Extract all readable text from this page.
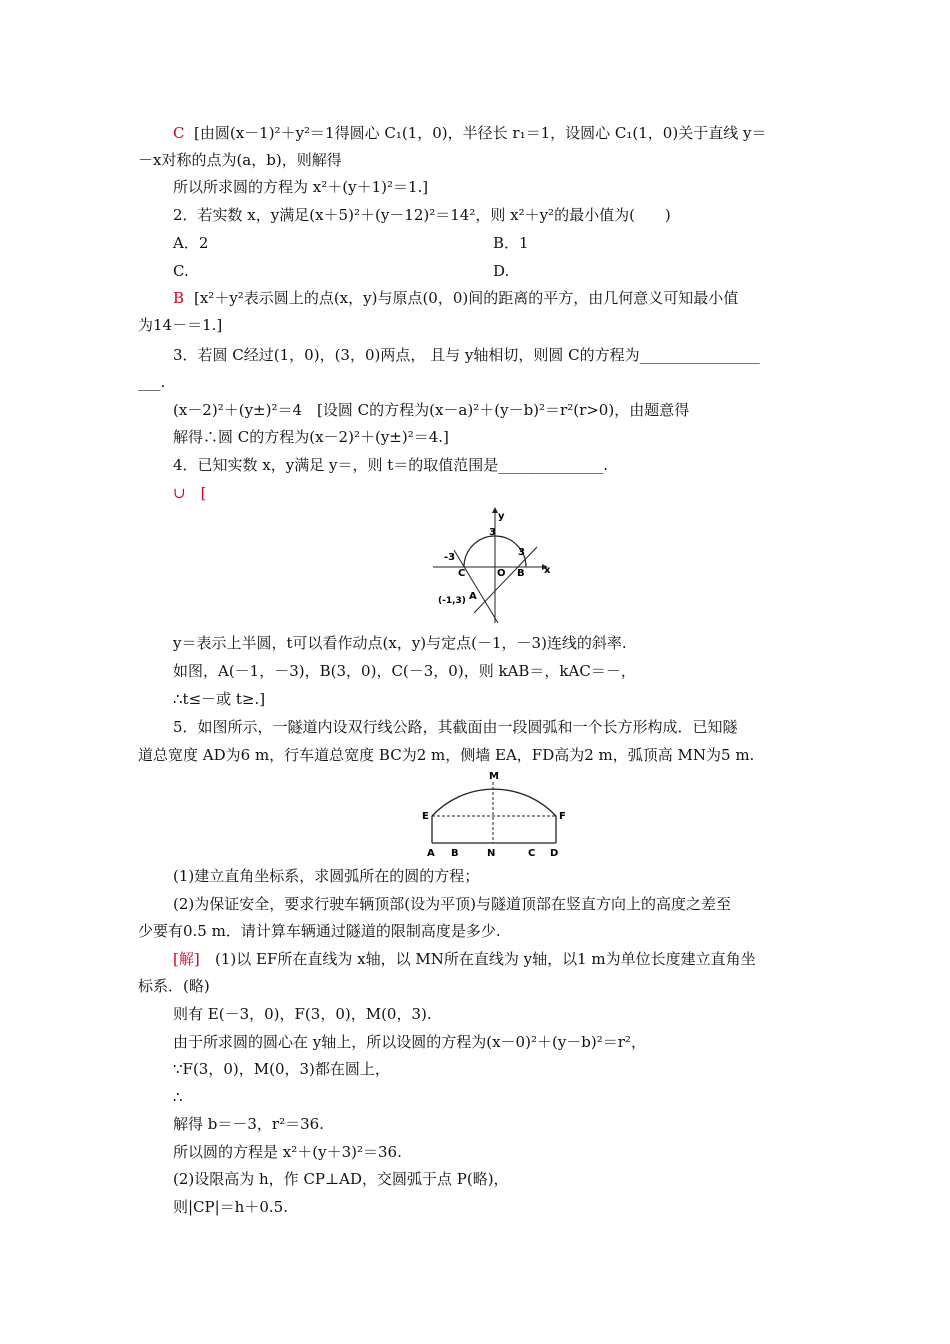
C [由圆(x－1)²＋y²＝1得圆心 C₁(1，0)，半径长 r₁＝1，设圆心 C₁(1，0)关于直线 y＝
－x对称的点为(a，b)，则解得
所以所求圆的方程为 x²＋(y＋1)²＝1.]
2．若实数 x，y满足(x＋5)²＋(y－12)²＝14²，则 x²＋y²的最小值为(　　)
A．2	B．1
C.	D.
B [x²＋y²表示圆上的点(x，y)与原点(0，0)间的距离的平方，由几何意义可知最小值
为14－＝1.]
3．若圆 C经过(1，0)，(3，0)两点， 且与 y轴相切，则圆 C的方程为________________
___.
(x－2)²＋(y±)²＝4　[设圆 C的方程为(x－a)²＋(y－b)²＝r²(r>0)，由题意得
解得∴圆 C的方程为(x－2)²＋(y±)²＝4.]
4．已知实数 x，y满足 y＝，则 t＝的取值范围是______________.
∪　[
y
x
3
-3	3
C	O B
A
(-1,3)
y＝表示上半圆，t可以看作动点(x，y)与定点(－1，－3)连线的斜率.
如图，A(－1，－3)，B(3，0)，C(－3，0)，则 kAB＝，kAC＝－，
∴t≤－或 t≥.]
5．如图所示，一隧道内设双行线公路，其截面由一段圆弧和一个长方形构成．已知隧
道总宽度 AD为6 m，行车道总宽度 BC为2 m，侧墙 EA，FD高为2 m，弧顶高 MN为5 m.
M
E	F
A B	N	C D
(1)建立直角坐标系，求圆弧所在的圆的方程；
(2)为保证安全，要求行驶车辆顶部(设为平顶)与隧道顶部在竖直方向上的高度之差至
少要有0.5 m．请计算车辆通过隧道的限制高度是多少.
[解] (1)以 EF所在直线为 x轴，以 MN所在直线为 y轴，以1 m为单位长度建立直角坐
标系．(略)
则有 E(－3，0)，F(3，0)，M(0，3).
由于所求圆的圆心在 y轴上，所以设圆的方程为(x－0)²＋(y－b)²＝r²，
∵F(3，0)，M(0，3)都在圆上，
∴
解得 b＝－3，r²＝36.
所以圆的方程是 x²＋(y＋3)²＝36.
(2)设限高为 h，作 CP⊥AD，交圆弧于点 P(略)，
则|CP|＝h＋0.5.
